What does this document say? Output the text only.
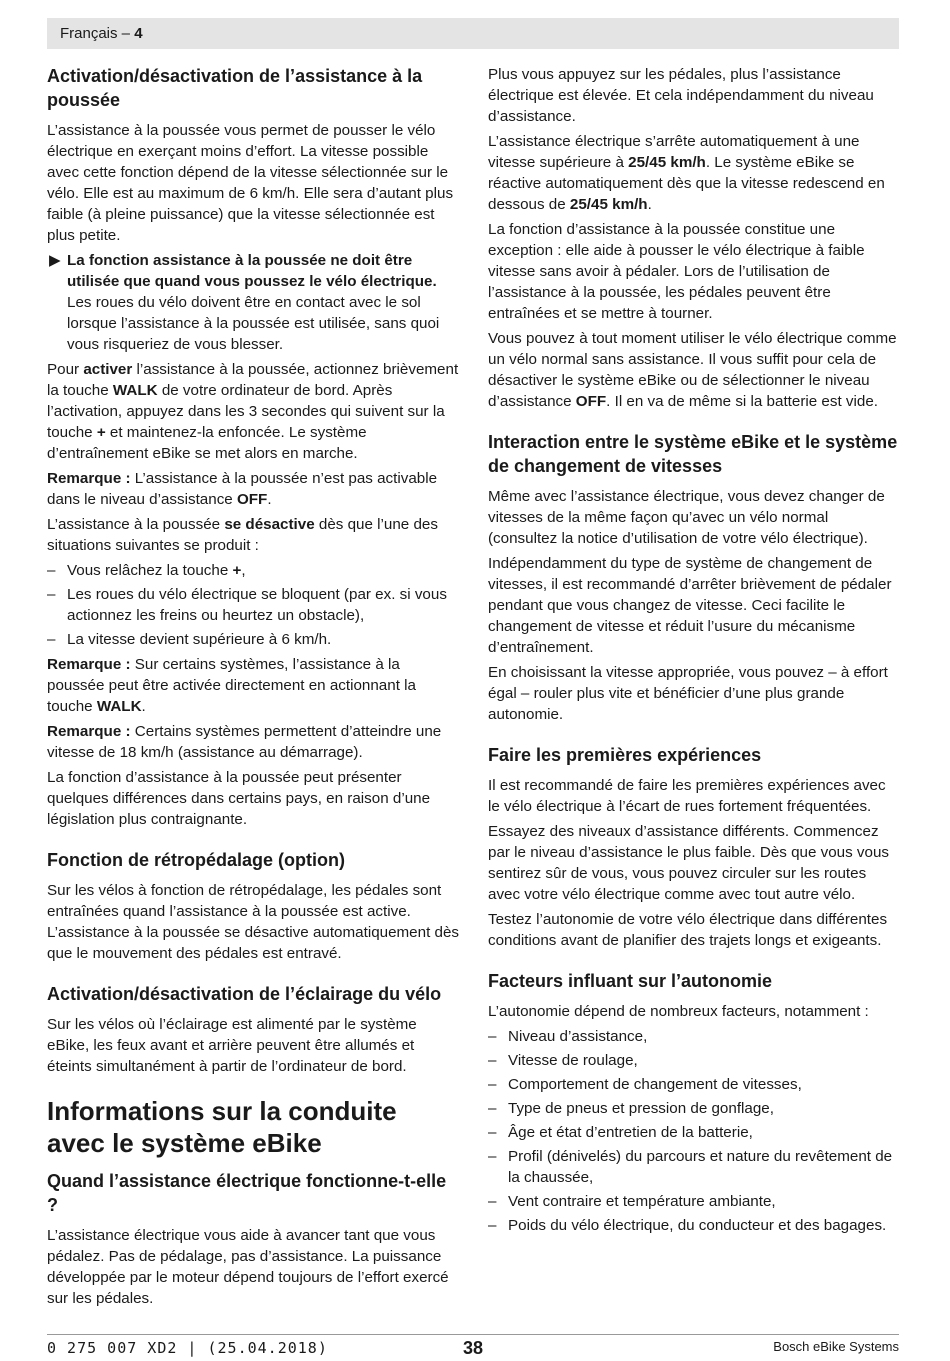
Français – 4
Activation/désactivation de l’assistance à la poussée

L’assistance à la poussée vous permet de pousser le vélo électrique en exerçant moins d’effort. La vitesse possible avec cette fonction dépend de la vitesse sélectionnée sur le vélo. Elle est au maximum de 6 km/h. Elle sera d’autant plus faible (à pleine puissance) que la vitesse sélectionnée est plus petite.

▶ La fonction assistance à la poussée ne doit être utilisée que quand vous poussez le vélo électrique. Les roues du vélo doivent être en contact avec le sol lorsque l’assistance à la poussée est utilisée, sans quoi vous risqueriez de vous blesser.

Pour activer l’assistance à la poussée, actionnez brièvement la touche WALK de votre ordinateur de bord. Après l’activation, appuyez dans les 3 secondes qui suivent sur la touche + et maintenez-la enfoncée. Le système d’entraînement eBike se met alors en marche.

Remarque : L’assistance à la poussée n’est pas activable dans le niveau d’assistance OFF.

L’assistance à la poussée se désactive dès que l’une des situations suivantes se produit :

– Vous relâchez la touche +,
– Les roues du vélo électrique se bloquent (par ex. si vous actionnez les freins ou heurtez un obstacle),
– La vitesse devient supérieure à 6 km/h.

Remarque : Sur certains systèmes, l’assistance à la poussée peut être activée directement en actionnant la touche WALK.

Remarque : Certains systèmes permettent d’atteindre une vitesse de 18 km/h (assistance au démarrage).

La fonction d’assistance à la poussée peut présenter quelques différences dans certains pays, en raison d’une législation plus contraignante.

Fonction de rétropédalage (option)

Sur les vélos à fonction de rétropédalage, les pédales sont entraînées quand l’assistance à la poussée est active. L’assistance à la poussée se désactive automatiquement dès que le mouvement des pédales est entravé.

Activation/désactivation de l’éclairage du vélo

Sur les vélos où l’éclairage est alimenté par le système eBike, les feux avant et arrière peuvent être allumés et éteints simultanément à partir de l’ordinateur de bord.

Informations sur la conduite avec le système eBike
Quand l’assistance électrique fonctionne-t-elle ?

L’assistance électrique vous aide à avancer tant que vous pédalez. Pas de pédalage, pas d’assistance. La puissance développée par le moteur dépend toujours de l’effort exercé sur les pédales.

Plus vous appuyez sur les pédales, plus l’assistance électrique est élevée. Et cela indépendamment du niveau d’assistance.

L’assistance électrique s’arrête automatiquement à une vitesse supérieure à 25/45 km/h. Le système eBike se réactive automatiquement dès que la vitesse redescend en dessous de 25/45 km/h.

La fonction d’assistance à la poussée constitue une exception : elle aide à pousser le vélo électrique à faible vitesse sans avoir à pédaler. Lors de l’utilisation de l’assistance à la poussée, les pédales peuvent être entraînées et se mettre à tourner.

Vous pouvez à tout moment utiliser le vélo électrique comme un vélo normal sans assistance. Il vous suffit pour cela de désactiver le système eBike ou de sélectionner le niveau d’assistance OFF. Il en va de même si la batterie est vide.

Interaction entre le système eBike et le système de changement de vitesses

Même avec l’assistance électrique, vous devez changer de vitesses de la même façon qu’avec un vélo normal (consultez la notice d’utilisation de votre vélo électrique).

Indépendamment du type de système de changement de vitesses, il est recommandé d’arrêter brièvement de pédaler pendant que vous changez de vitesse. Ceci facilite le changement de vitesse et réduit l’usure du mécanisme d’entraînement.

En choisissant la vitesse appropriée, vous pouvez – à effort égal – rouler plus vite et bénéficier d’une plus grande autonomie.

Faire les premières expériences

Il est recommandé de faire les premières expériences avec le vélo électrique à l’écart de rues fortement fréquentées.

Essayez des niveaux d’assistance différents. Commencez par le niveau d’assistance le plus faible. Dès que vous vous sentirez sûr de vous, vous pouvez circuler sur les routes avec votre vélo électrique comme avec tout autre vélo.

Testez l’autonomie de votre vélo électrique dans différentes conditions avant de planifier des trajets longs et exigeants.

Facteurs influant sur l’autonomie

L’autonomie dépend de nombreux facteurs, notamment :

– Niveau d’assistance,
– Vitesse de roulage,
– Comportement de changement de vitesses,
– Type de pneus et pression de gonflage,
– Âge et état d’entretien de la batterie,
– Profil (dénivelés) du parcours et nature du revêtement de la chaussée,
– Vent contraire et température ambiante,
– Poids du vélo électrique, du conducteur et des bagages.
0 275 007 XD2 | (25.04.2018)	38	Bosch eBike Systems
